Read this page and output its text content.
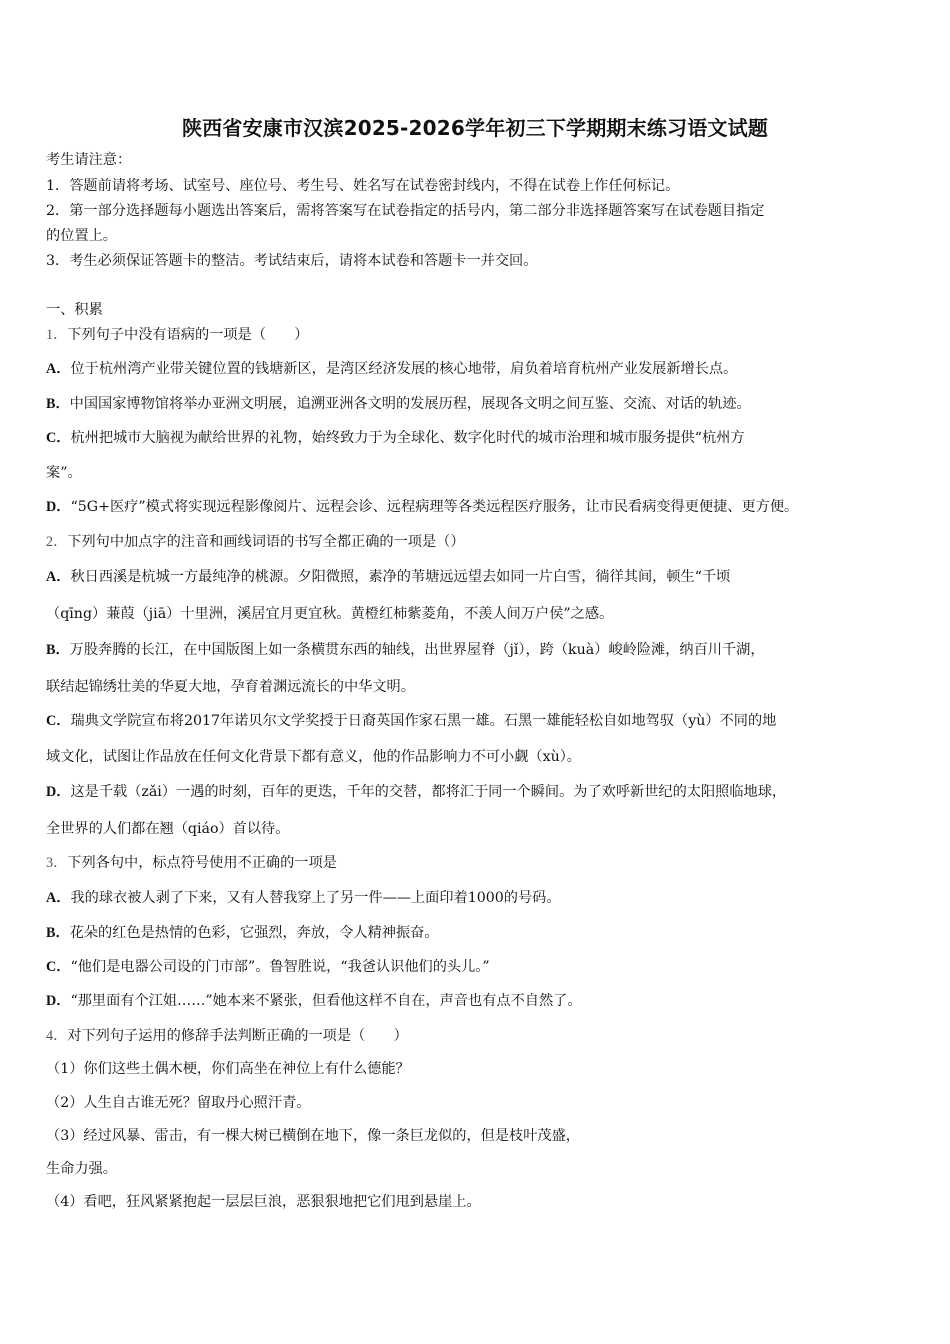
陕西省安康市汉滨2025-2026学年初三下学期期末练习语文试题
考生请注意：
1．答题前请将考场、试室号、座位号、考生号、姓名写在试卷密封线内，不得在试卷上作任何标记。
2．第一部分选择题每小题选出答案后，需将答案写在试卷指定的括号内，第二部分非选择题答案写在试卷题目指定
的位置上。
3．考生必须保证答题卡的整洁。考试结束后，请将本试卷和答题卡一并交回。
一、积累
1．下列句子中没有语病的一项是（　　）
A．位于杭州湾产业带关键位置的钱塘新区，是湾区经济发展的核心地带，肩负着培育杭州产业发展新增长点。
B．中国国家博物馆将举办亚洲文明展，追溯亚洲各文明的发展历程，展现各文明之间互鉴、交流、对话的轨迹。
C．杭州把城市大脑视为献给世界的礼物，始终致力于为全球化、数字化时代的城市治理和城市服务提供“杭州方
案”。
D．“5G+医疗”模式将实现远程影像阅片、远程会诊、远程病理等各类远程医疗服务，让市民看病变得更便捷、更方便。
2．下列句中加点字的注音和画线词语的书写全都正确的一项是（）
A．秋日西溪是杭城一方最纯净的桃源。夕阳微照，素净的苇塘远远望去如同一片白雪，徜徉其间，顿生“千顷
（qīng）蒹葭（jiā）十里洲，溪居宜月更宜秋。黄橙红柿紫菱角，不羡人间万户侯”之感。
B．万股奔腾的长江，在中国版图上如一条横贯东西的轴线，出世界屋脊（jǐ），跨（kuà）峻岭险滩，纳百川千湖，
联结起锦绣壮美的华夏大地，孕育着渊远流长的中华文明。
C．瑞典文学院宣布将2017年诺贝尔文学奖授于日裔英国作家石黑一雄。石黑一雄能轻松自如地驾驭（yù）不同的地
域文化，试图让作品放在任何文化背景下都有意义，他的作品影响力不可小觑（xù）。
D．这是千载（zǎi）一遇的时刻，百年的更迭，千年的交替，都将汇于同一个瞬间。为了欢呼新世纪的太阳照临地球，
全世界的人们都在翘（qiáo）首以待。
3．下列各句中，标点符号使用不正确的一项是
A．我的球衣被人剥了下来，又有人替我穿上了另一件——上面印着1000的号码。
B．花朵的红色是热情的色彩，它强烈，奔放，令人精神振奋。
C．“他们是电器公司设的门市部”。鲁智胜说，“我爸认识他们的头儿。”
D．“那里面有个江姐……”她本来不紧张，但看他这样不自在，声音也有点不自然了。
4．对下列句子运用的修辞手法判断正确的一项是（　　）
（1）你们这些土偶木梗，你们高坐在神位上有什么德能？
（2）人生自古谁无死？留取丹心照汗青。
（3）经过风暴、雷击，有一棵大树已横倒在地下，像一条巨龙似的，但是枝叶茂盛，
生命力强。
（4）看吧，狂风紧紧抱起一层层巨浪，恶狠狠地把它们甩到悬崖上。
